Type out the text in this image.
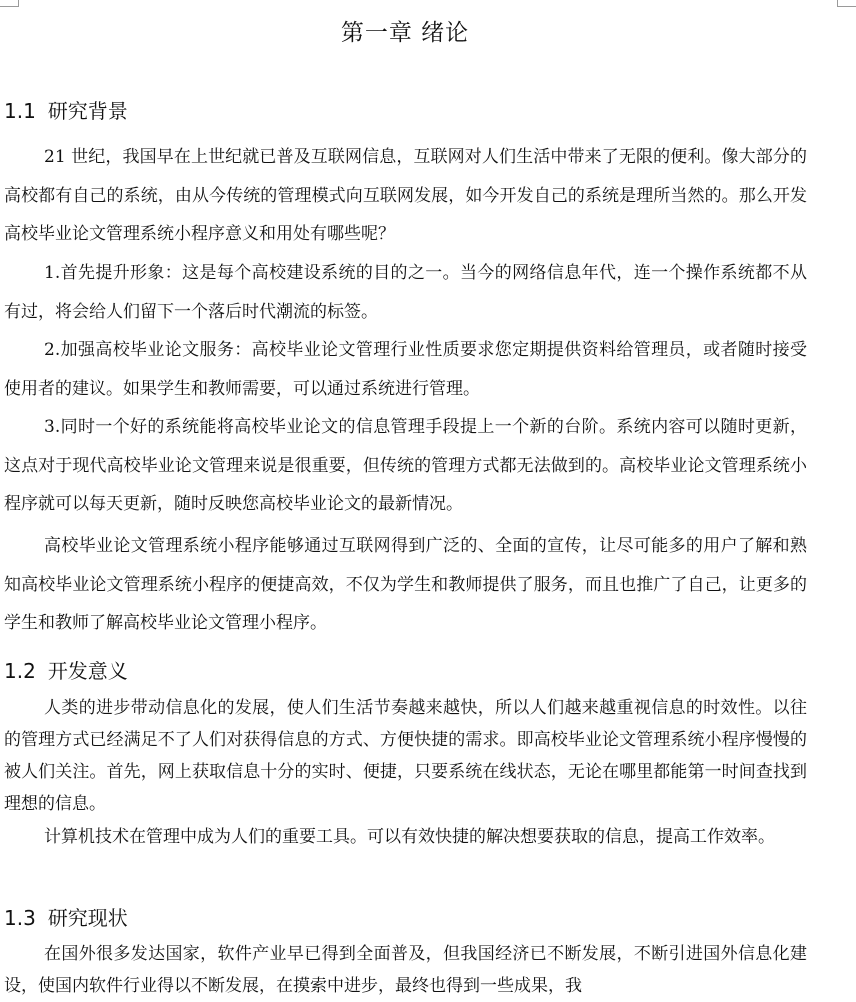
第一章 绪论
1.1 研究背景

21 世纪，我国早在上世纪就已普及互联网信息，互联网对人们生活中带来了无限的便利。像大部分的高校都有自己的系统，由从今传统的管理模式向互联网发展，如今开发自己的系统是理所当然的。那么开发高校毕业论文管理系统小程序意义和用处有哪些呢？

1.首先提升形象：这是每个高校建设系统的目的之一。当今的网络信息年代，连一个操作系统都不从有过，将会给人们留下一个落后时代潮流的标签。

2.加强高校毕业论文服务：高校毕业论文管理行业性质要求您定期提供资料给管理员，或者随时接受使用者的建议。如果学生和教师需要，可以通过系统进行管理。

3.同时一个好的系统能将高校毕业论文的信息管理手段提上一个新的台阶。系统内容可以随时更新，这点对于现代高校毕业论文管理来说是很重要，但传统的管理方式都无法做到的。高校毕业论文管理系统小程序就可以每天更新，随时反映您高校毕业论文的最新情况。

高校毕业论文管理系统小程序能够通过互联网得到广泛的、全面的宣传，让尽可能多的用户了解和熟知高校毕业论文管理系统小程序的便捷高效，不仅为学生和教师提供了服务，而且也推广了自己，让更多的学生和教师了解高校毕业论文管理小程序。

1.2 开发意义

人类的进步带动信息化的发展，使人们生活节奏越来越快，所以人们越来越重视信息的时效性。以往的管理方式已经满足不了人们对获得信息的方式、方便快捷的需求。即高校毕业论文管理系统小程序慢慢的被人们关注。首先，网上获取信息十分的实时、便捷，只要系统在线状态，无论在哪里都能第一时间查找到理想的信息。

计算机技术在管理中成为人们的重要工具。可以有效快捷的解决想要获取的信息，提高工作效率。

1.3 研究现状

在国外很多发达国家，软件产业早已得到全面普及，但我国经济已不断发展，不断引进国外信息化建设，使国内软件行业得以不断发展，在摸索中进步，最终也得到一些成果，我
